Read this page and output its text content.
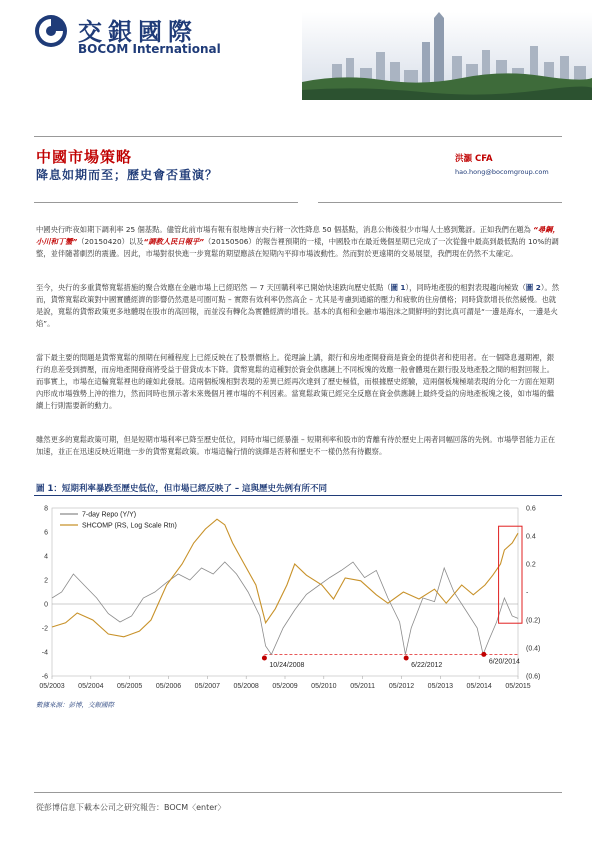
交銀國際
BOCOM International
中國市場策略
降息如期而至；歷史會否重演？
洪灝 CFA
hao.hong@bocomgroup.com

中國央行昨夜如期下調利率 25 個基點。儘管此前市場有報有很地傳言央行將一次性降息 50 個基點，消息公佈後很少市場人士感到驚訝。正如我們在題為 “尋鋼，小川和丁蟹”（20150420）以及“調教人民日報乎”（20150506）的報告裡預期的一樣，中國股市在最近幾個星期已完成了一次從盤中最高到最低點的 10%的調整，並伴隨著劇烈的震盪。因此，市場對很快進一步寬鬆的期望應該在短期內平抑市場波動性。然而對於更遠期的交易展望，我們現在仍然不太確定。

至今，央行的多重貨幣寬鬆措施的聚合效應在金融市場上已經昭然 — 7 天回購利率已開始快速跌向歷史低點（圖 1），同時地產股的相對表現趨向極致（圖 2）。然而，貨幣寬鬆政策對中國實體經濟的影響仍然還是可圈可點 – 實際有效利率仍然高企 – 尤其是考慮到通縮的壓力和疲軟的住房價格；同時貸款增長依然緩慢。也就是說，寬鬆的貨幣政策更多地體現在股市的高回報，而並沒有轉化為實體經濟的增長。基本的真相和金融市場泡沫之間鮮明的對比真可謂是“一邊是海水，一邊是火焰”。

當下最主要的問題是貨幣寬鬆的預期在何種程度上已經反映在了股票價格上。從理論上講，銀行和房地產開發商是資金的提供者和使用者。在一個降息週期裡，銀行的息差受到擠壓，而房地產開發商將受益于借貸成本下降。貨幣寬鬆的這種對於資金供應鏈上不同板塊的效應一般會體現在銀行股及地產股之間的相對回報上。而事實上，市場在這輪寬鬆裡也的確如此發展。這兩個板塊相對表現的差異已經再次達到了歷史極值，而根據歷史經驗，這兩個板塊極端表現的分化一方面在短期內形成市場強勢上沖的推力，然而同時也預示著未來幾個月裡市場的不利因素。當寬鬆政策已經完全反應在資金供應鏈上最終受益的房地產板塊之後，如市場的繼續上行則需要新的動力。

雖然更多的寬鬆政策可期，但是短期市場利率已降至歷史低位，同時市場已經暴漲 – 短期利率和股市的背離有待於歷史上兩者同幅回落的先例。市場學習能力正在加速，並正在迅速反映近期進一步的貨幣寬鬆政策。市場這輪行情的演繹是否將和歷史不一樣仍然有待觀察。

圖 1：短期利率暴跌至歷史低位，但市場已經反映了 – 這與歷史先例有所不同
8
6
4
2
0
-2
-4
-6
0.6
0.4
0.2
-
(0.2)
(0.4)
(0.6)
05/2003 05/2004 05/2005 05/2006 05/2007 05/2008 05/2009 05/2010 05/2011 05/2012 05/2013 05/2014 05/2015
10/24/2008	6/22/2012
6/20/2014
7-day Repo (Y/Y)
SHCOMP (RS, Log Scale Rtn)
數據來源：彭博，交銀國際
從彭博信息下載本公司之研究報告：BOCM〈enter〉
